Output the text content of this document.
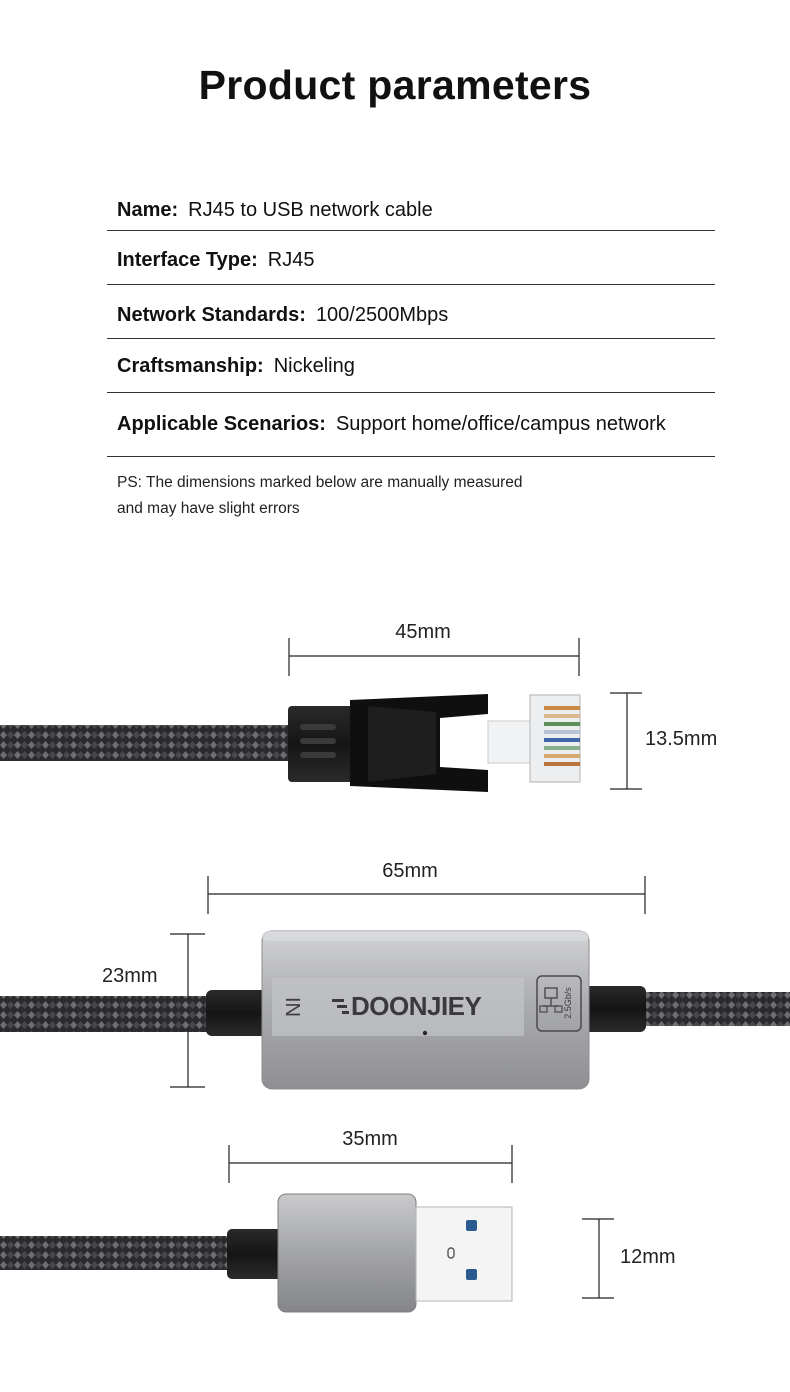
Product parameters
Name: RJ45 to USB network cable
Interface Type: RJ45
Network Standards: 100/2500Mbps
Craftsmanship: Nickeling
Applicable Scenarios: Support home/office/campus network
PS: The dimensions marked below are manually measured
and may have slight errors
45mm
13.5mm
65mm
23mm
IN DOONJIEY	2.5Gb/s
35mm
12mm
